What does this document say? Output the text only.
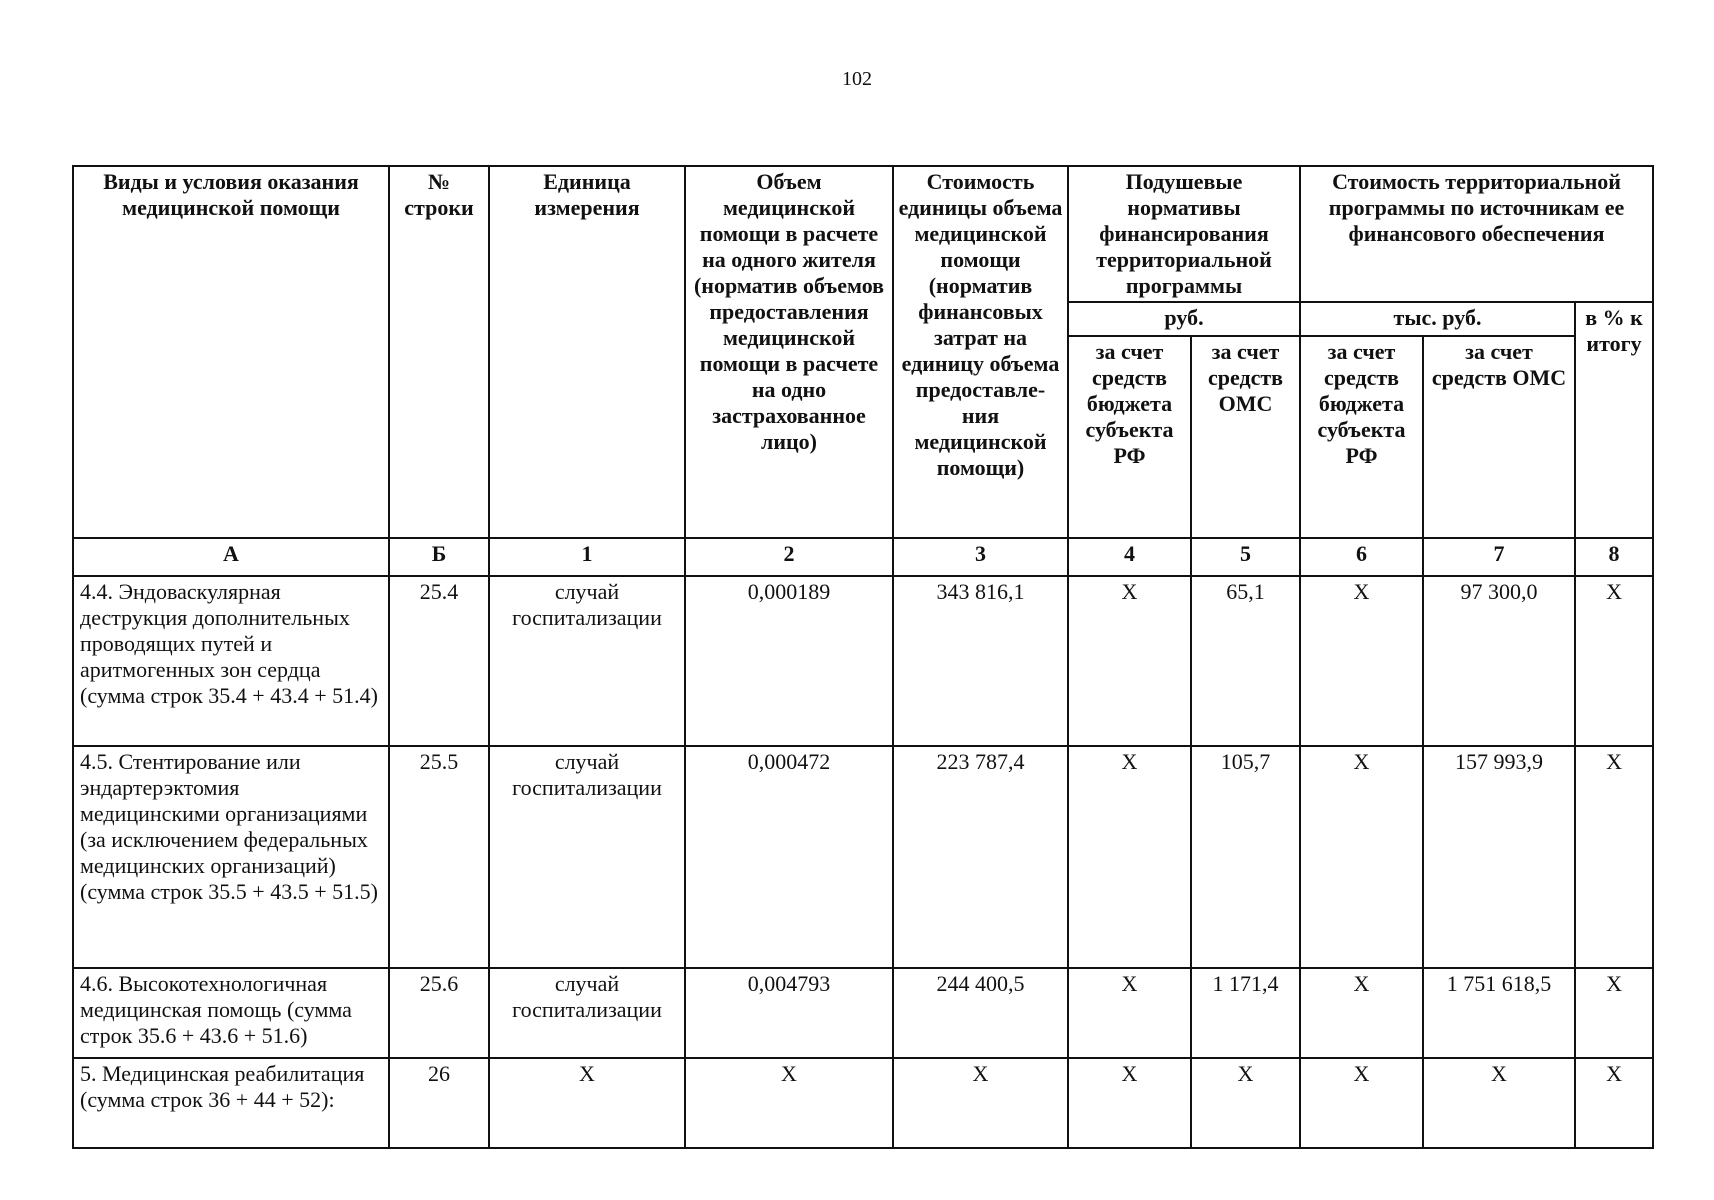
102
Виды и условия оказания медицинской помощи	№ строки	Единица измерения	Объем медицинской помощи в расчете на одного жителя (норматив объемов предоставления медицинской помощи в расчете на одно застрахованное лицо)	Стоимость единицы объема медицинской помощи (норматив финансовых затрат на единицу объема предоставле-ния медицинской помощи)	Подушевые нормативы финансирования территориальной программы		Стоимость территориальной программы по источникам ее финансового обеспечения		
					руб.		тыс. руб.		в % к итогу
					за счет средств бюджета субъекта РФ	за счет средств ОМС	за счет средств бюджета субъекта РФ	за счет средств ОМС	
А	Б	1	2	3	4	5	6	7	8
4.4. Эндоваскулярная деструкция дополнительных проводящих путей и аритмогенных зон сердца (сумма строк 35.4 + 43.4 + 51.4)	25.4	случай госпитализации	0,000189	343 816,1	Х	65,1	Х	97 300,0	Х
4.5. Стентирование или эндартерэктомия медицинскими организациями (за исключением федеральных медицинских организаций) (сумма строк 35.5 + 43.5 + 51.5)	25.5	случай госпитализации	0,000472	223 787,4	Х	105,7	Х	157 993,9	Х
4.6. Высокотехнологичная медицинская помощь (сумма строк 35.6 + 43.6 + 51.6)	25.6	случай госпитализации	0,004793	244 400,5	Х	1 171,4	Х	1 751 618,5	Х
5. Медицинская реабилитация (сумма строк 36 + 44 + 52):	26	Х	Х	Х	Х	Х	Х	Х	Х
